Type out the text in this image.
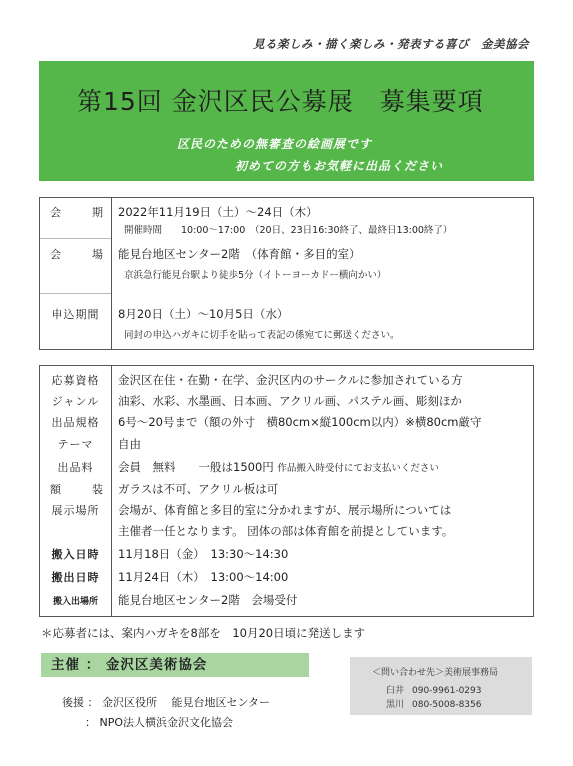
見る楽しみ・描く楽しみ・発表する喜び　金美協会
第15回 金沢区民公募展 募集要項
区民のための無審査の絵画展です
初めての方もお気軽に出品ください
会　期 2022年11月19日（土）～24日（木）
開催時間　　10:00～17:00　（20日、23日16:30終了、最終日13:00終了）
会　場 能見台地区センター2階　（体育館・多目的室）
京浜急行能見台駅より徒歩5分（イトーヨーカドー横向かい）
申込期間	8月20日（土）～10月5日（水）
同封の申込ハガキに切手を貼って表記の係宛てに郵送ください。
応募資格	金沢区在住・在勤・在学、金沢区内のサークルに参加されている方
ジャンル	油彩、水彩、水墨画、日本画、アクリル画、パステル画、彫刻ほか
出品規格	6号～20号まで（額の外寸　横80cm×縦100cm以内）※横80cm厳守
テーマ	自由
出品料	会員　無料　　一般は1500円 作品搬入時受付にてお支払いください
額　装 ガラスは不可、アクリル板は可
展示場所	会場が、体育館と多目的室に分かれますが、展示場所については
主催者一任となります。 団体の部は体育館を前提としています。
搬入日時	11月18日（金）　13:30～14:30
搬出日時	11月24日（木）　13:00～14:00
搬入出場所	能見台地区センター2階　会場受付
＊応募者には、案内ハガキを8部を　10月20日頃に発送します
主催 ： 金沢区美術協会
後援 ： 金沢区役所　 能見台地区センター
： NPO法人横浜金沢文化協会
＜問い合わせ先＞美術展事務局
臼井 090-9961-0293
黒川 080-5008-8356
